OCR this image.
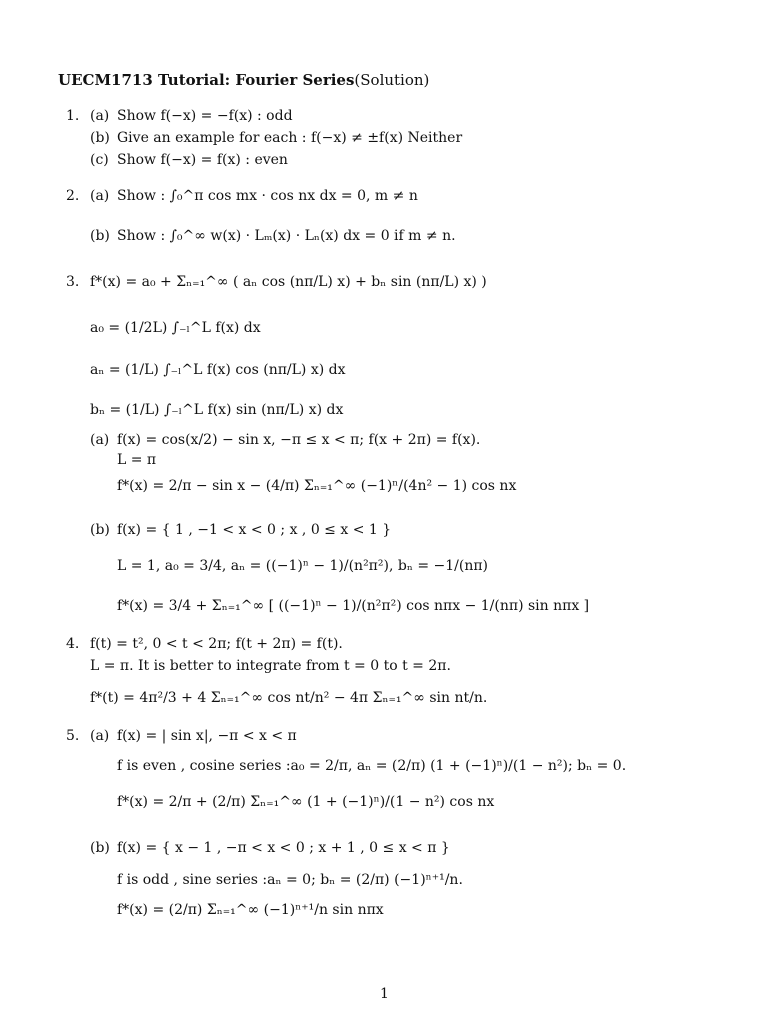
UECM1713 Tutorial: Fourier Series(Solution)
1. (a) Show f(−x) = −f(x) : odd
(b) Give an example for each : f(−x) ≠ ±f(x) Neither
(c) Show f(−x) = f(x) : even
2. (a) Show : ∫₀^π cos mx · cos nx dx = 0, m ≠ n
(b) Show : ∫₀^∞ w(x) · Lₘ(x) · Lₙ(x) dx = 0 if m ≠ n.
3. f*(x) = a₀ + Σₙ₌₁^∞ ( aₙ cos (nπ/L) x) + bₙ sin (nπ/L) x) )
a₀ = (1/2L) ∫₋ₗ^L f(x) dx
aₙ = (1/L) ∫₋ₗ^L f(x) cos (nπ/L) x) dx
bₙ = (1/L) ∫₋ₗ^L f(x) sin (nπ/L) x) dx
(a) f(x) = cos(x/2) − sin x, −π ≤ x < π; f(x + 2π) = f(x).
L = π
f*(x) = 2/π − sin x − (4/π) Σₙ₌₁^∞ (−1)ⁿ/(4n² − 1) cos nx
(b) f(x) = { 1 , −1 < x < 0 ; x , 0 ≤ x < 1 }
L = 1, a₀ = 3/4, aₙ = ((−1)ⁿ − 1)/(n²π²), bₙ = −1/(nπ)
f*(x) = 3/4 + Σₙ₌₁^∞ [ ((−1)ⁿ − 1)/(n²π²) cos nπx − 1/(nπ) sin nπx ]
4. f(t) = t², 0 < t < 2π; f(t + 2π) = f(t).
L = π. It is better to integrate from t = 0 to t = 2π.
f*(t) = 4π²/3 + 4 Σₙ₌₁^∞ cos nt/n² − 4π Σₙ₌₁^∞ sin nt/n.
5. (a) f(x) = | sin x|, −π < x < π
f is even , cosine series :a₀ = 2/π, aₙ = (2/π) (1 + (−1)ⁿ)/(1 − n²); bₙ = 0.
f*(x) = 2/π + (2/π) Σₙ₌₁^∞ (1 + (−1)ⁿ)/(1 − n²) cos nx
(b) f(x) = { x − 1 , −π < x < 0 ; x + 1 , 0 ≤ x < π }
f is odd , sine series :aₙ = 0; bₙ = (2/π) (−1)ⁿ⁺¹/n.
f*(x) = (2/π) Σₙ₌₁^∞ (−1)ⁿ⁺¹/n sin nπx
1
